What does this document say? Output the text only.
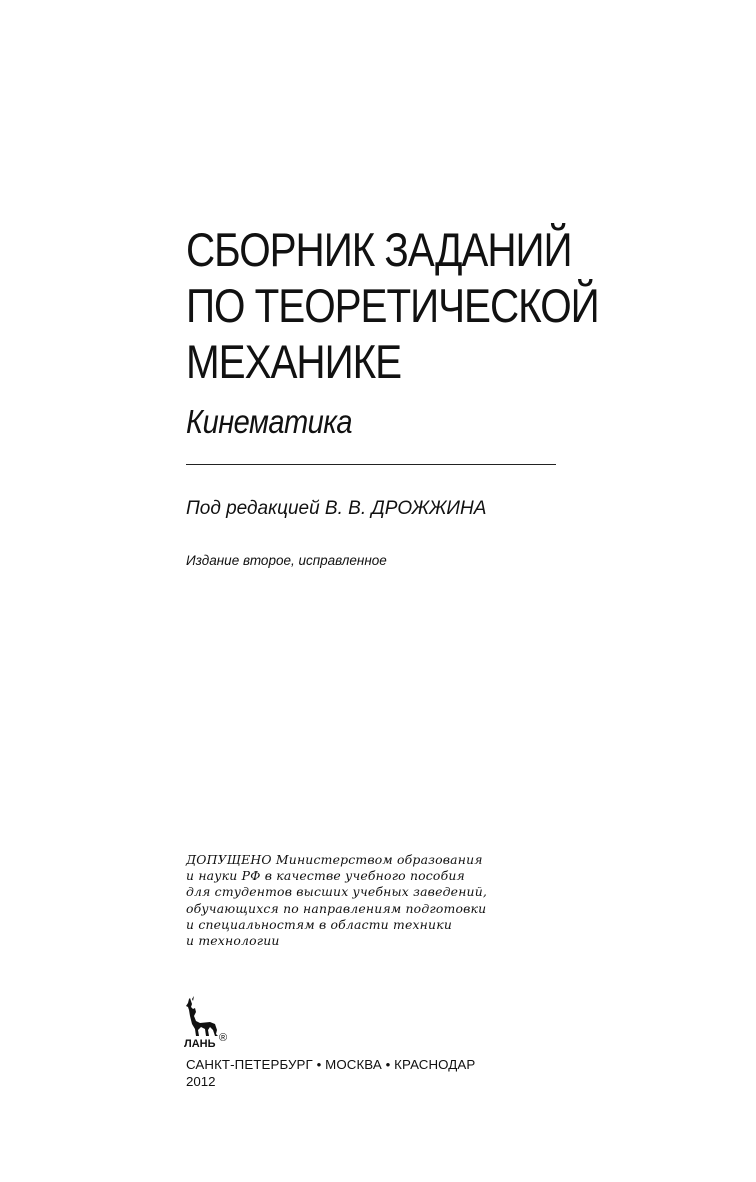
СБОРНИК ЗАДАНИЙ
ПО ТЕОРЕТИЧЕСКОЙ
МЕХАНИКЕ
Кинематика
Под редакцией В. В. ДРОЖЖИНА
Издание второе, исправленное
ДОПУЩЕНО Министерством образования
и науки РФ в качестве учебного пособия
для студентов высших учебных заведений,
обучающихся по направлениям подготовки
и специальностям в области техники
и технологии
ЛАНЬ ®
САНКТ-ПЕТЕРБУРГ • МОСКВА • КРАСНОДАР
2012
